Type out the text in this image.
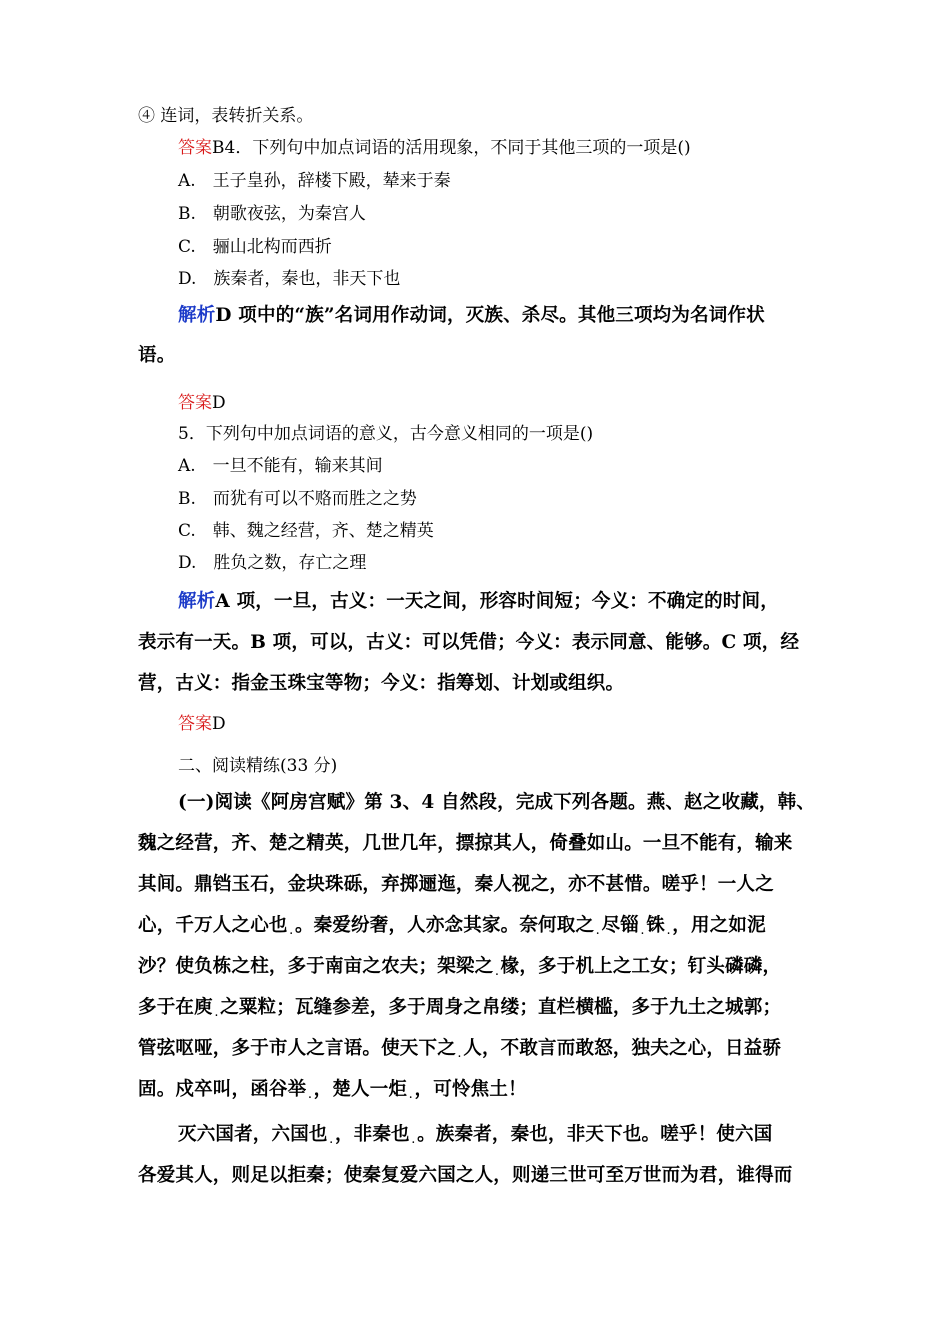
④ 连词，表转折关系。
答案B4．下列句中加点词语的活用现象，不同于其他三项的一项是()
A.　王子皇孙，辞楼下殿，辇来于秦
B.　朝歌夜弦，为秦宫人
C.　骊山北构而西折
D.　族秦者，秦也，非天下也
解析D 项中的“族”名词用作动词，灭族、杀尽。其他三项均为名词作状
语。
答案D
5．下列句中加点词语的意义，古今意义相同的一项是()
A.　一旦不能有，输来其间
B.　而犹有可以不赂而胜之之势
C.　韩、魏之经营，齐、楚之精英
D.　胜负之数，存亡之理
解析A 项，一旦，古义：一天之间，形容时间短；今义：不确定的时间，
表示有一天。B 项，可以，古义：可以凭借；今义：表示同意、能够。C 项，经
营，古义：指金玉珠宝等物；今义：指筹划、计划或组织。
答案D
二、阅读精练(33 分)
(一)阅读《阿房宫赋》第 3、4 自然段，完成下列各题。燕、赵之收藏，韩、
魏之经营，齐、楚之精英，几世几年，摽掠其人，倚叠如山。一旦不能有，输来
其间。鼎铛玉石，金块珠砾，弃掷逦迤，秦人视之，亦不甚惜。嗟乎！一人之
心，千万人之心也 . 。秦爱纷奢，人亦念其家。奈何取之 . 尽锱 . 铢 . ，用之如泥
沙？使负栋之柱，多于南亩之农夫；架梁之 . 椽，多于机上之工女；钉头磷磷，
多于在庾 . 之粟粒；瓦缝参差，多于周身之帛缕；直栏横槛，多于九土之城郭；
管弦呕哑，多于市人之言语。使天下之 . 人，不敢言而敢怒，独夫之心，日益骄
固。戍卒叫，函谷举 . ，楚人一炬 . ，可怜焦土！
灭六国者，六国也 . ，非秦也 . 。族秦者，秦也，非天下也。嗟乎！使六国
各爱其人，则足以拒秦；使秦复爱六国之人，则递三世可至万世而为君，谁得而
